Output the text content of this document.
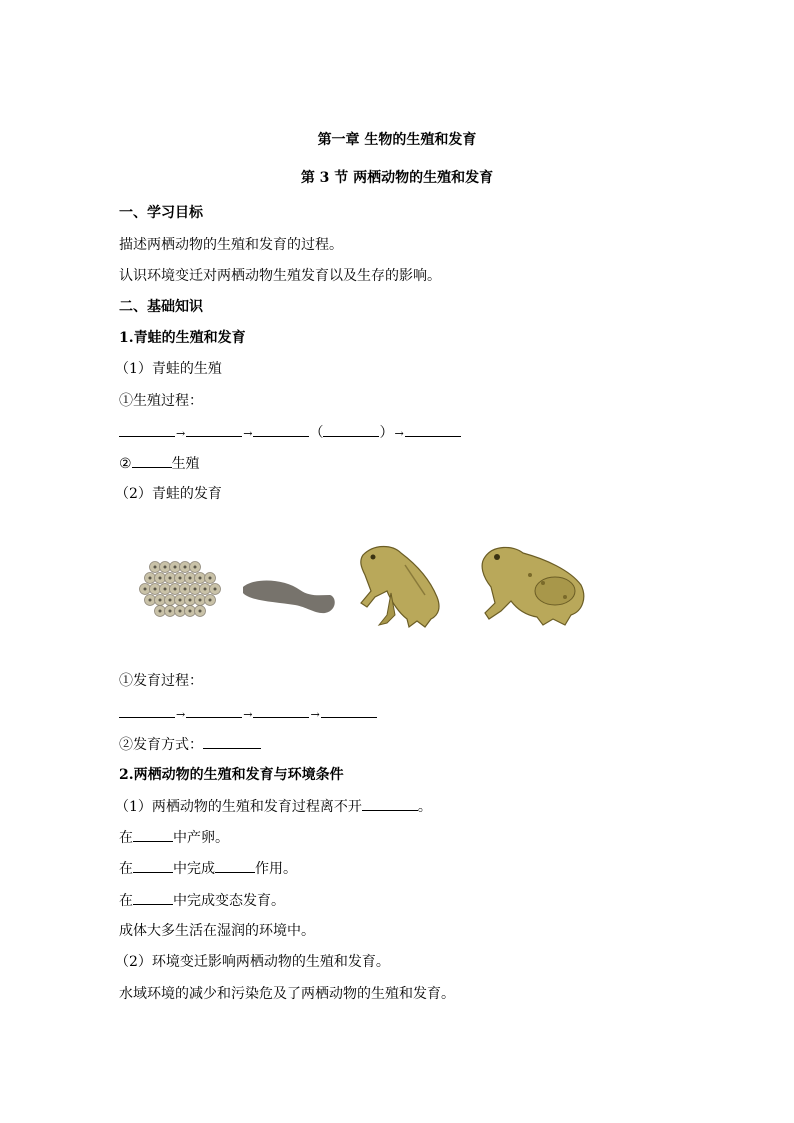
第一章 生物的生殖和发育
第 3 节 两栖动物的生殖和发育
一、学习目标
描述两栖动物的生殖和发育的过程。
认识环境变迁对两栖动物生殖发育以及生存的影响。
二、基础知识
1.青蛙的生殖和发育
（1）青蛙的生殖
①生殖过程：
→	→	（	）→
②	生殖
（2）青蛙的发育
①发育过程：
→	→	→
②发育方式：
2.两栖动物的生殖和发育与环境条件
（1）两栖动物的生殖和发育过程离不开	。
在	中产卵。
在	中完成	作用。
在	中完成变态发育。
成体大多生活在湿润的环境中。
（2）环境变迁影响两栖动物的生殖和发育。
水域环境的减少和污染危及了两栖动物的生殖和发育。
